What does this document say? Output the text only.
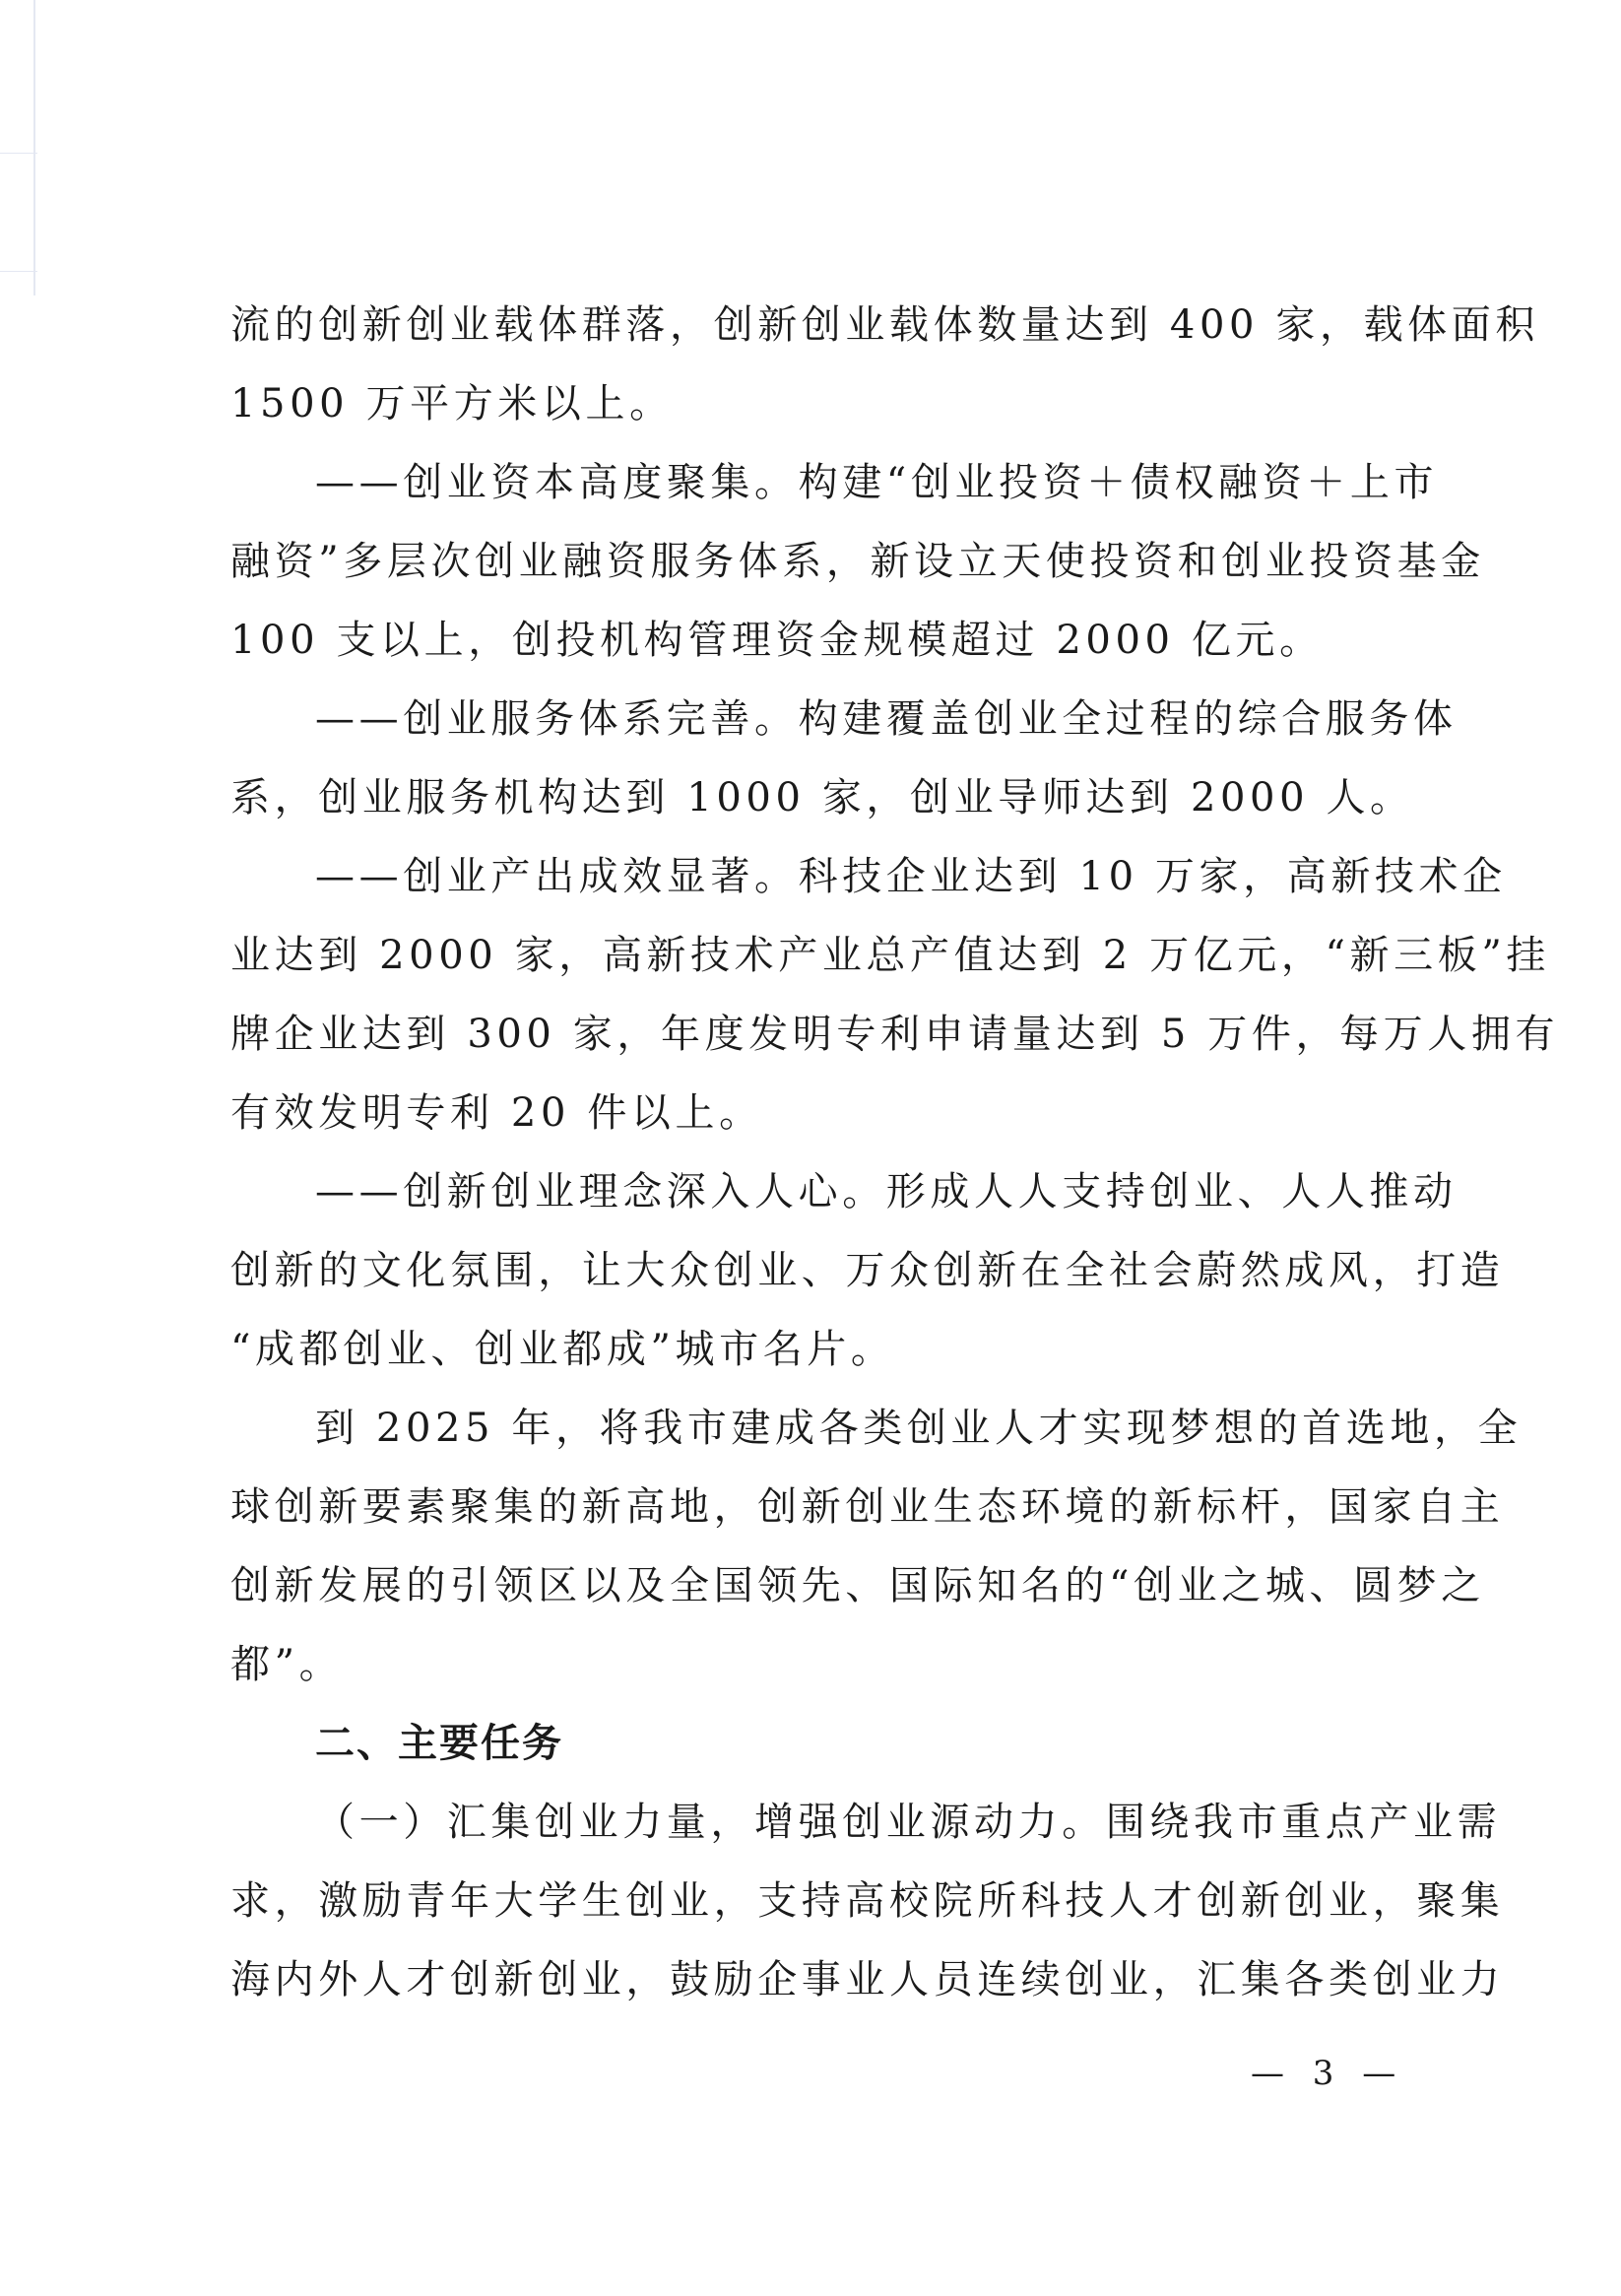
流的创新创业载体群落，创新创业载体数量达到 400 家，载体面积
1500 万平方米以上。
——创业资本高度聚集。构建“创业投资＋债权融资＋上市
融资”多层次创业融资服务体系，新设立天使投资和创业投资基金
100 支以上，创投机构管理资金规模超过 2000 亿元。
——创业服务体系完善。构建覆盖创业全过程的综合服务体
系，创业服务机构达到 1000 家，创业导师达到 2000 人。
——创业产出成效显著。科技企业达到 10 万家，高新技术企
业达到 2000 家，高新技术产业总产值达到 2 万亿元，“新三板”挂
牌企业达到 300 家，年度发明专利申请量达到 5 万件，每万人拥有
有效发明专利 20 件以上。
——创新创业理念深入人心。形成人人支持创业、人人推动
创新的文化氛围，让大众创业、万众创新在全社会蔚然成风，打造
“成都创业、创业都成”城市名片。
到 2025 年，将我市建成各类创业人才实现梦想的首选地，全
球创新要素聚集的新高地，创新创业生态环境的新标杆，国家自主
创新发展的引领区以及全国领先、国际知名的“创业之城、圆梦之
都”。
二、主要任务
（一）汇集创业力量，增强创业源动力。围绕我市重点产业需
求，激励青年大学生创业，支持高校院所科技人才创新创业，聚集
海内外人才创新创业，鼓励企事业人员连续创业，汇集各类创业力
— 3 —
